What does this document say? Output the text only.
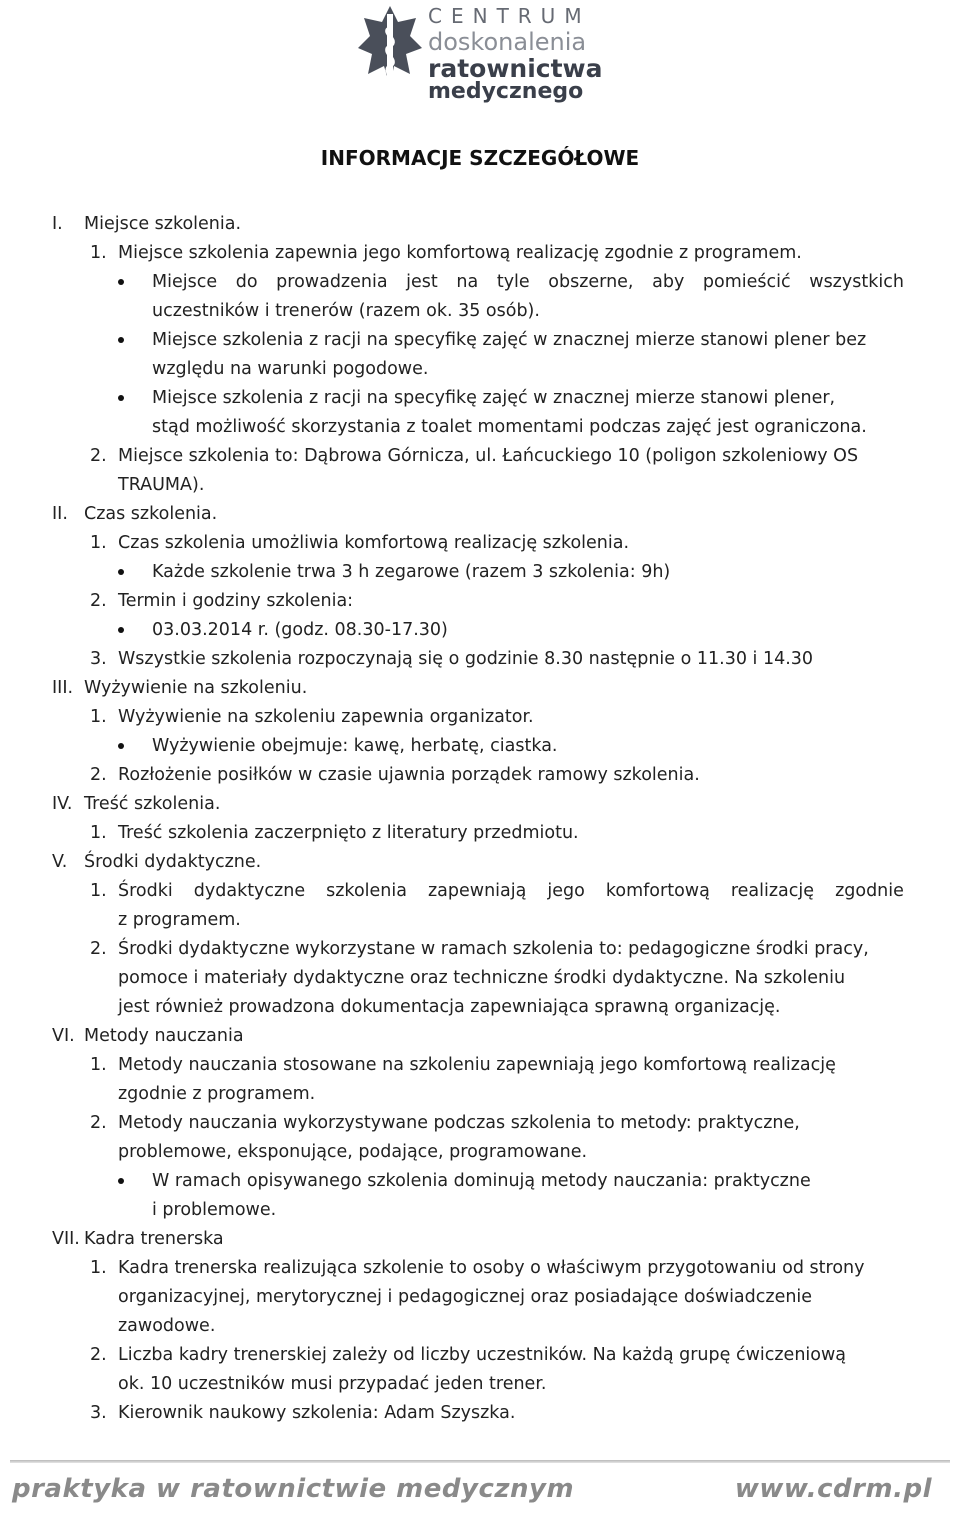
CENTRUM
doskonalenia
ratownictwa
medycznego
INFORMACJE SZCZEGÓŁOWE
I. Miejsce szkolenia.
1. Miejsce szkolenia zapewnia jego komfortową realizację zgodnie z programem.
Miejsce do prowadzenia jest na tyle obszerne, aby pomieścić wszystkich
uczestników i trenerów (razem ok. 35 osób).
Miejsce szkolenia z racji na specyfikę zajęć w znacznej mierze stanowi plener bez
względu na warunki pogodowe.
Miejsce szkolenia z racji na specyfikę zajęć w znacznej mierze stanowi plener,
stąd możliwość skorzystania z toalet momentami podczas zajęć jest ograniczona.
2. Miejsce szkolenia to: Dąbrowa Górnicza, ul. Łańcuckiego 10 (poligon szkoleniowy OS
TRAUMA).
II. Czas szkolenia.
1. Czas szkolenia umożliwia komfortową realizację szkolenia.
Każde szkolenie trwa 3 h zegarowe (razem 3 szkolenia: 9h)
2. Termin i godziny szkolenia:
03.03.2014 r. (godz. 08.30-17.30)
3. Wszystkie szkolenia rozpoczynają się o godzinie 8.30 następnie o 11.30 i 14.30
III. Wyżywienie na szkoleniu.
1. Wyżywienie na szkoleniu zapewnia organizator.
Wyżywienie obejmuje: kawę, herbatę, ciastka.
2. Rozłożenie posiłków w czasie ujawnia porządek ramowy szkolenia.
IV. Treść szkolenia.
1. Treść szkolenia zaczerpnięto z literatury przedmiotu.
V. Środki dydaktyczne.
1. Środki dydaktyczne szkolenia zapewniają jego komfortową realizację zgodnie
z programem.
2. Środki dydaktyczne wykorzystane w ramach szkolenia to: pedagogiczne środki pracy,
pomoce i materiały dydaktyczne oraz techniczne środki dydaktyczne. Na szkoleniu
jest również prowadzona dokumentacja zapewniająca sprawną organizację.
VI. Metody nauczania
1. Metody nauczania stosowane na szkoleniu zapewniają jego komfortową realizację
zgodnie z programem.
2. Metody nauczania wykorzystywane podczas szkolenia to metody: praktyczne,
problemowe, eksponujące, podające, programowane.
W ramach opisywanego szkolenia dominują metody nauczania: praktyczne
i problemowe.
VII. Kadra trenerska
1. Kadra trenerska realizująca szkolenie to osoby o właściwym przygotowaniu od strony
organizacyjnej, merytorycznej i pedagogicznej oraz posiadające doświadczenie
zawodowe.
2. Liczba kadry trenerskiej zależy od liczby uczestników. Na każdą grupę ćwiczeniową
ok. 10 uczestników musi przypadać jeden trener.
3. Kierownik naukowy szkolenia: Adam Szyszka.
praktyka w ratownictwie medycznym	www.cdrm.pl
